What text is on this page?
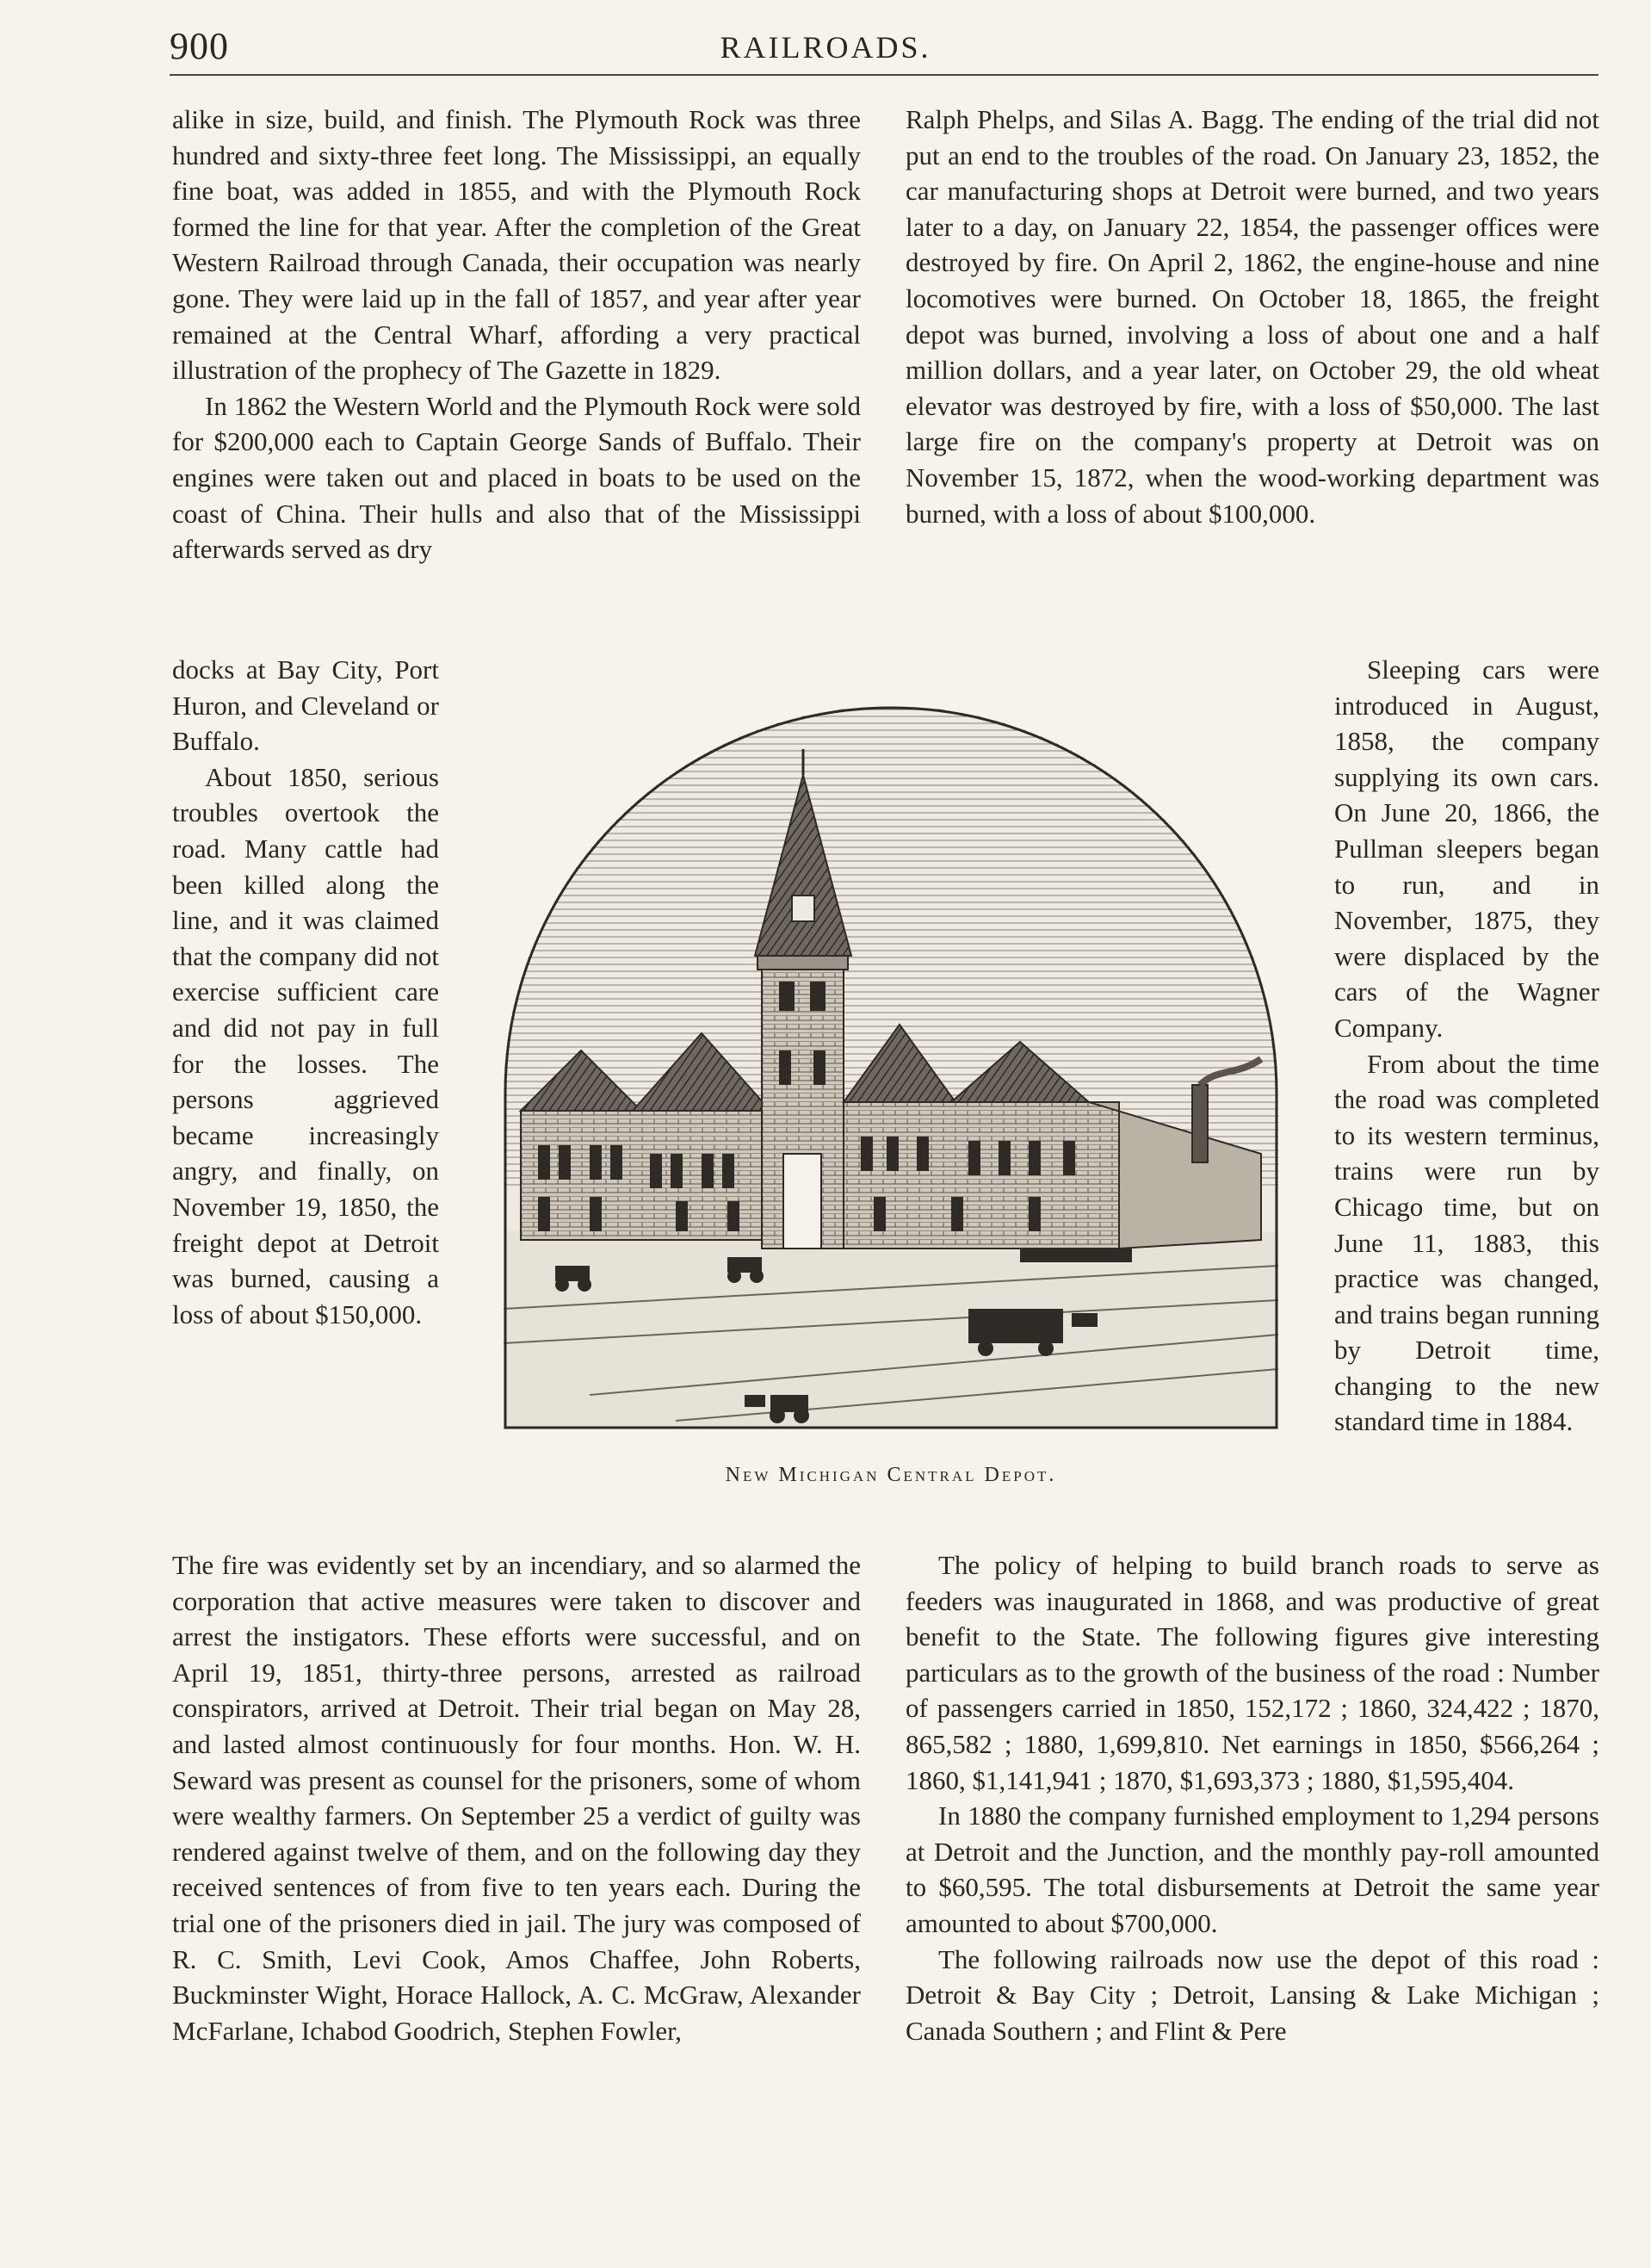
900	RAILROADS.

alike in size, build, and finish. The Plymouth Rock was three hundred and sixty-three feet long. The Mississippi, an equally fine boat, was added in 1855, and with the Plymouth Rock formed the line for that year. After the completion of the Great Western Railroad through Canada, their occupation was nearly gone. They were laid up in the fall of 1857, and year after year remained at the Central Wharf, affording a very practical illustration of the prophecy of The Gazette in 1829.

In 1862 the Western World and the Plymouth Rock were sold for $200,000 each to Captain George Sands of Buffalo. Their engines were taken out and placed in boats to be used on the coast of China. Their hulls and also that of the Mississippi afterwards served as dry

docks at Bay City, Port Huron, and Cleveland or Buffalo.

About 1850, serious troubles overtook the road. Many cattle had been killed along the line, and it was claimed that the company did not exercise sufficient care and did not pay in full for the losses. The persons aggrieved became increasingly angry, and finally, on November 19, 1850, the freight depot at Detroit was burned, causing a loss of about $150,000.

The fire was evidently set by an incendiary, and so alarmed the corporation that active measures were taken to discover and arrest the instigators. These efforts were successful, and on April 19, 1851, thirty-three persons, arrested as railroad conspirators, arrived at Detroit. Their trial began on May 28, and lasted almost continuously for four months. Hon. W. H. Seward was present as counsel for the prisoners, some of whom were wealthy farmers. On September 25 a verdict of guilty was rendered against twelve of them, and on the following day they received sentences of from five to ten years each. During the trial one of the prisoners died in jail. The jury was composed of R. C. Smith, Levi Cook, Amos Chaffee, John Roberts, Buckminster Wight, Horace Hallock, A. C. McGraw, Alexander McFarlane, Ichabod Goodrich, Stephen Fowler,

Ralph Phelps, and Silas A. Bagg. The ending of the trial did not put an end to the troubles of the road. On January 23, 1852, the car manufacturing shops at Detroit were burned, and two years later to a day, on January 22, 1854, the passenger offices were destroyed by fire. On April 2, 1862, the engine-house and nine locomotives were burned. On October 18, 1865, the freight depot was burned, involving a loss of about one and a half million dollars, and a year later, on October 29, the old wheat elevator was destroyed by fire, with a loss of $50,000. The last large fire on the company's property at Detroit was on November 15, 1872, when the wood-working department was burned, with a loss of about $100,000.

Sleeping cars were introduced in August, 1858, the company supplying its own cars. On June 20, 1866, the Pullman sleepers began to run, and in November, 1875, they were displaced by the cars of the Wagner Company.

From about the time the road was completed to its western terminus, trains were run by Chicago time, but on June 11, 1883, this practice was changed, and trains began running by Detroit time, changing to the new standard time in 1884.

The policy of helping to build branch roads to serve as feeders was inaugurated in 1868, and was productive of great benefit to the State. The following figures give interesting particulars as to the growth of the business of the road : Number of passengers carried in 1850, 152,172 ; 1860, 324,422 ; 1870, 865,582 ; 1880, 1,699,810. Net earnings in 1850, $566,264 ; 1860, $1,141,941 ; 1870, $1,693,373 ; 1880, $1,595,404.

In 1880 the company furnished employment to 1,294 persons at Detroit and the Junction, and the monthly pay-roll amounted to $60,595. The total disbursements at Detroit the same year amounted to about $700,000.

The following railroads now use the depot of this road : Detroit & Bay City ; Detroit, Lansing & Lake Michigan ; Canada Southern ; and Flint & Pere

New Michigan Central Depot.
